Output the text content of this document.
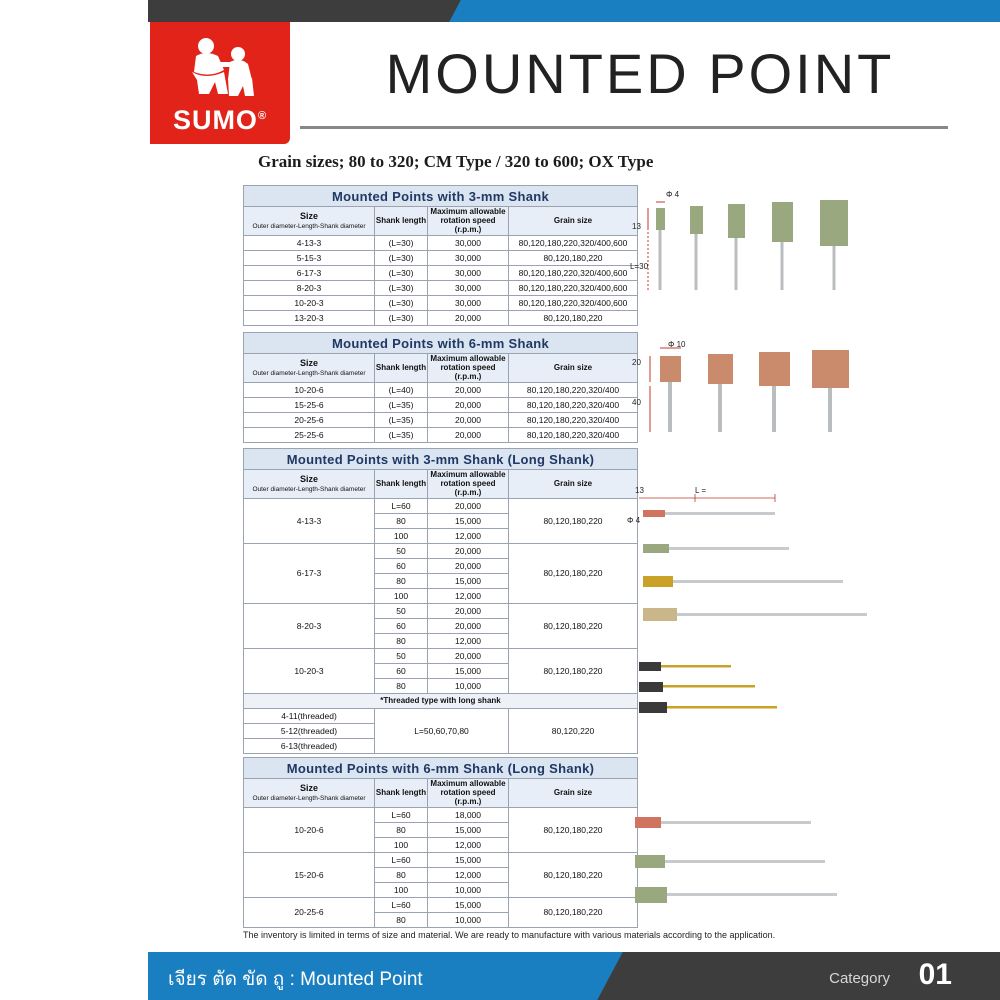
SUMO®
MOUNTED POINT
Grain sizes; 80 to 320; CM Type / 320 to 600; OX Type
Mounted Points with 3-mm Shank			
Size
Outer diameter-Length-Shank diameter	Shank length	Maximum allowable rotation speed (r.p.m.)	Grain size
4-13-3	(L=30)	30,000	80,120,180,220,320/400,600
5-15-3	(L=30)	30,000	80,120,180,220
6-17-3	(L=30)	30,000	80,120,180,220,320/400,600
8-20-3	(L=30)	30,000	80,120,180,220,320/400,600
10-20-3	(L=30)	30,000	80,120,180,220,320/400,600
13-20-3	(L=30)	20,000	80,120,180,220
Φ 4
13
L=30
Mounted Points with 6-mm Shank			
Size
Outer diameter-Length-Shank diameter	Shank length	Maximum allowable rotation speed (r.p.m.)	Grain size
10-20-6	(L=40)	20,000	80,120,180,220,320/400
15-25-6	(L=35)	20,000	80,120,180,220,320/400
20-25-6	(L=35)	20,000	80,120,180,220,320/400
25-25-6	(L=35)	20,000	80,120,180,220,320/400
Φ 10
20
40
Mounted Points with 3-mm Shank (Long Shank)			
Size
Outer diameter-Length-Shank diameter	Shank length	Maximum allowable rotation speed (r.p.m.)	Grain size
4-13-3	L=60	20,000	80,120,180,220
	80	15,000	
	100	12,000	
6-17-3	50	20,000	80,120,180,220
	60	20,000	
	80	15,000	
	100	12,000	
8-20-3	50	20,000	80,120,180,220
	60	20,000	
	80	12,000	
10-20-3	50	20,000	80,120,180,220
	60	15,000	
	80	10,000	
*Threaded type with long shank			
4-11(threaded)	L=50,60,70,80		80,120,220
5-12(threaded)			
6-13(threaded)			
13	L =
Φ 4
Mounted Points with 6-mm Shank (Long Shank)			
Size
Outer diameter-Length-Shank diameter	Shank length	Maximum allowable rotation speed (r.p.m.)	Grain size
10-20-6	L=60	18,000	80,120,180,220
	80	15,000	
	100	12,000	
15-20-6	L=60	15,000	80,120,180,220
	80	12,000	
	100	10,000	
20-25-6	L=60	15,000	80,120,180,220
	80	10,000	
The inventory is limited in terms of size and material. We are ready to manufacture with various materials according to the application.
เจียร ตัด ขัด ถู : Mounted Point	Category 01
